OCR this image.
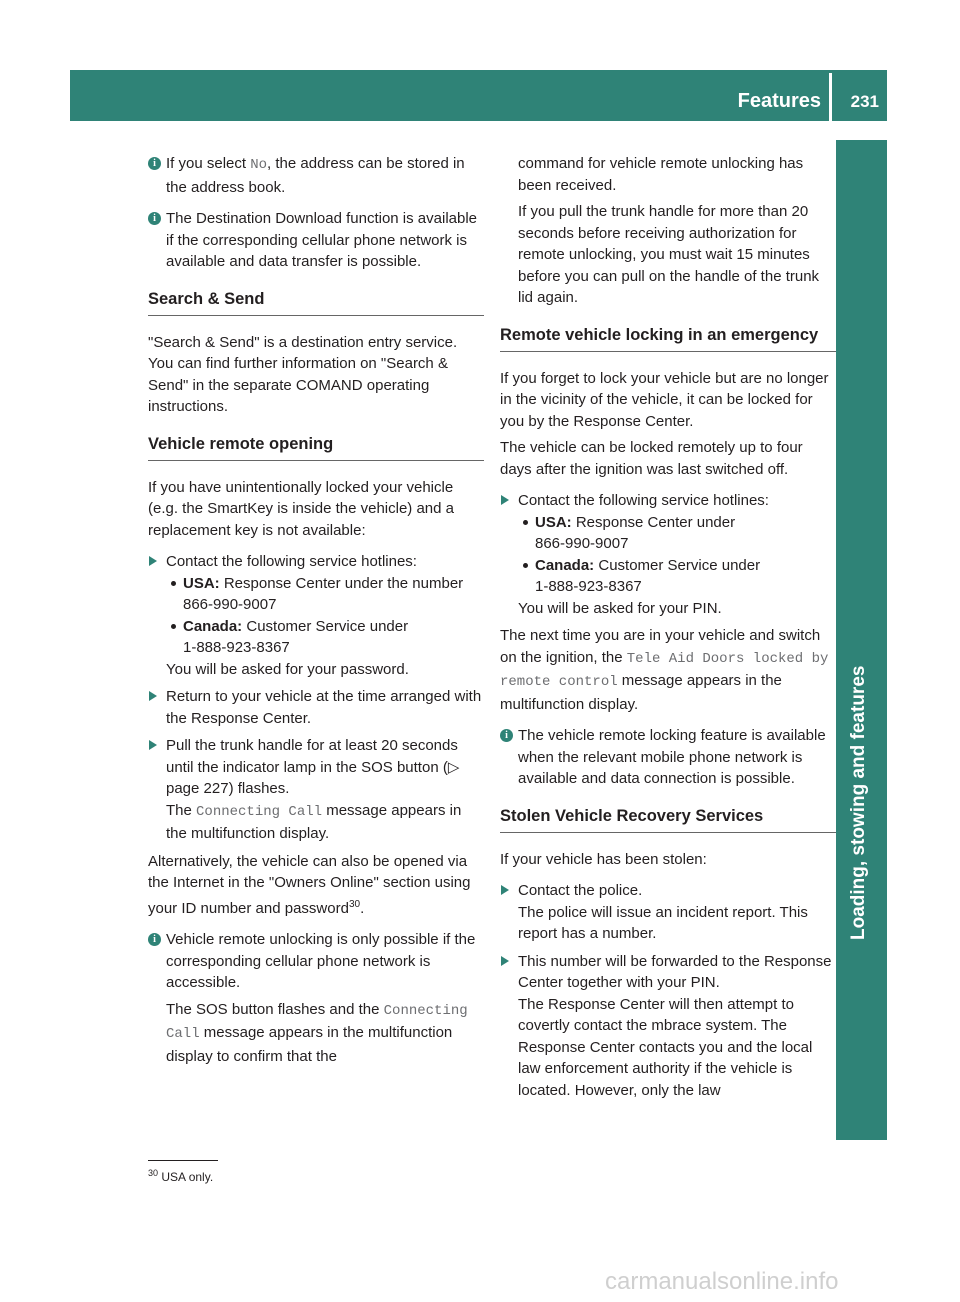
Features 231
Loading, stowing and features
i If you select No, the address can be stored in the address book.

i The Destination Download function is available if the corresponding cellular phone network is available and data transfer is possible.

Search & Send

"Search & Send" is a destination entry service. You can find further information on "Search & Send" in the separate COMAND operating instructions.

Vehicle remote opening

If you have unintentionally locked your vehicle (e.g. the SmartKey is inside the vehicle) and a replacement key is not available:

Contact the following service hotlines:
USA: Response Center under the number 866-990-9007
Canada: Customer Service under
1-888-923-8367
You will be asked for your password.
Return to your vehicle at the time arranged with the Response Center.
Pull the trunk handle for at least 20 seconds until the indicator lamp in the SOS button (▷ page 227) flashes.
The Connecting Call message appears in the multifunction display.

Alternatively, the vehicle can also be opened via the Internet in the "Owners Online" section using your ID number and password$^{30}$.

i Vehicle remote unlocking is only possible if the corresponding cellular phone network is accessible.

The SOS button flashes and the Connecting Call message appears in the multifunction display to confirm that the

command for vehicle remote unlocking has been received.

If you pull the trunk handle for more than 20 seconds before receiving authorization for remote unlocking, you must wait 15 minutes before you can pull on the handle of the trunk lid again.

Remote vehicle locking in an emergency

If you forget to lock your vehicle but are no longer in the vicinity of the vehicle, it can be locked for you by the Response Center.

The vehicle can be locked remotely up to four days after the ignition was last switched off.

Contact the following service hotlines:
USA: Response Center under
866-990-9007
Canada: Customer Service under
1-888-923-8367
You will be asked for your PIN.

The next time you are in your vehicle and switch on the ignition, the Tele Aid Doors locked by remote control message appears in the multifunction display.

i The vehicle remote locking feature is available when the relevant mobile phone network is available and data connection is possible.

Stolen Vehicle Recovery Services

If your vehicle has been stolen:

Contact the police.
The police will issue an incident report. This report has a number.
This number will be forwarded to the Response Center together with your PIN.
The Response Center will then attempt to covertly contact the mbrace system. The Response Center contacts you and the local law enforcement authority if the vehicle is located. However, only the law
$^{30}$ USA only.
carmanualsonline.info
